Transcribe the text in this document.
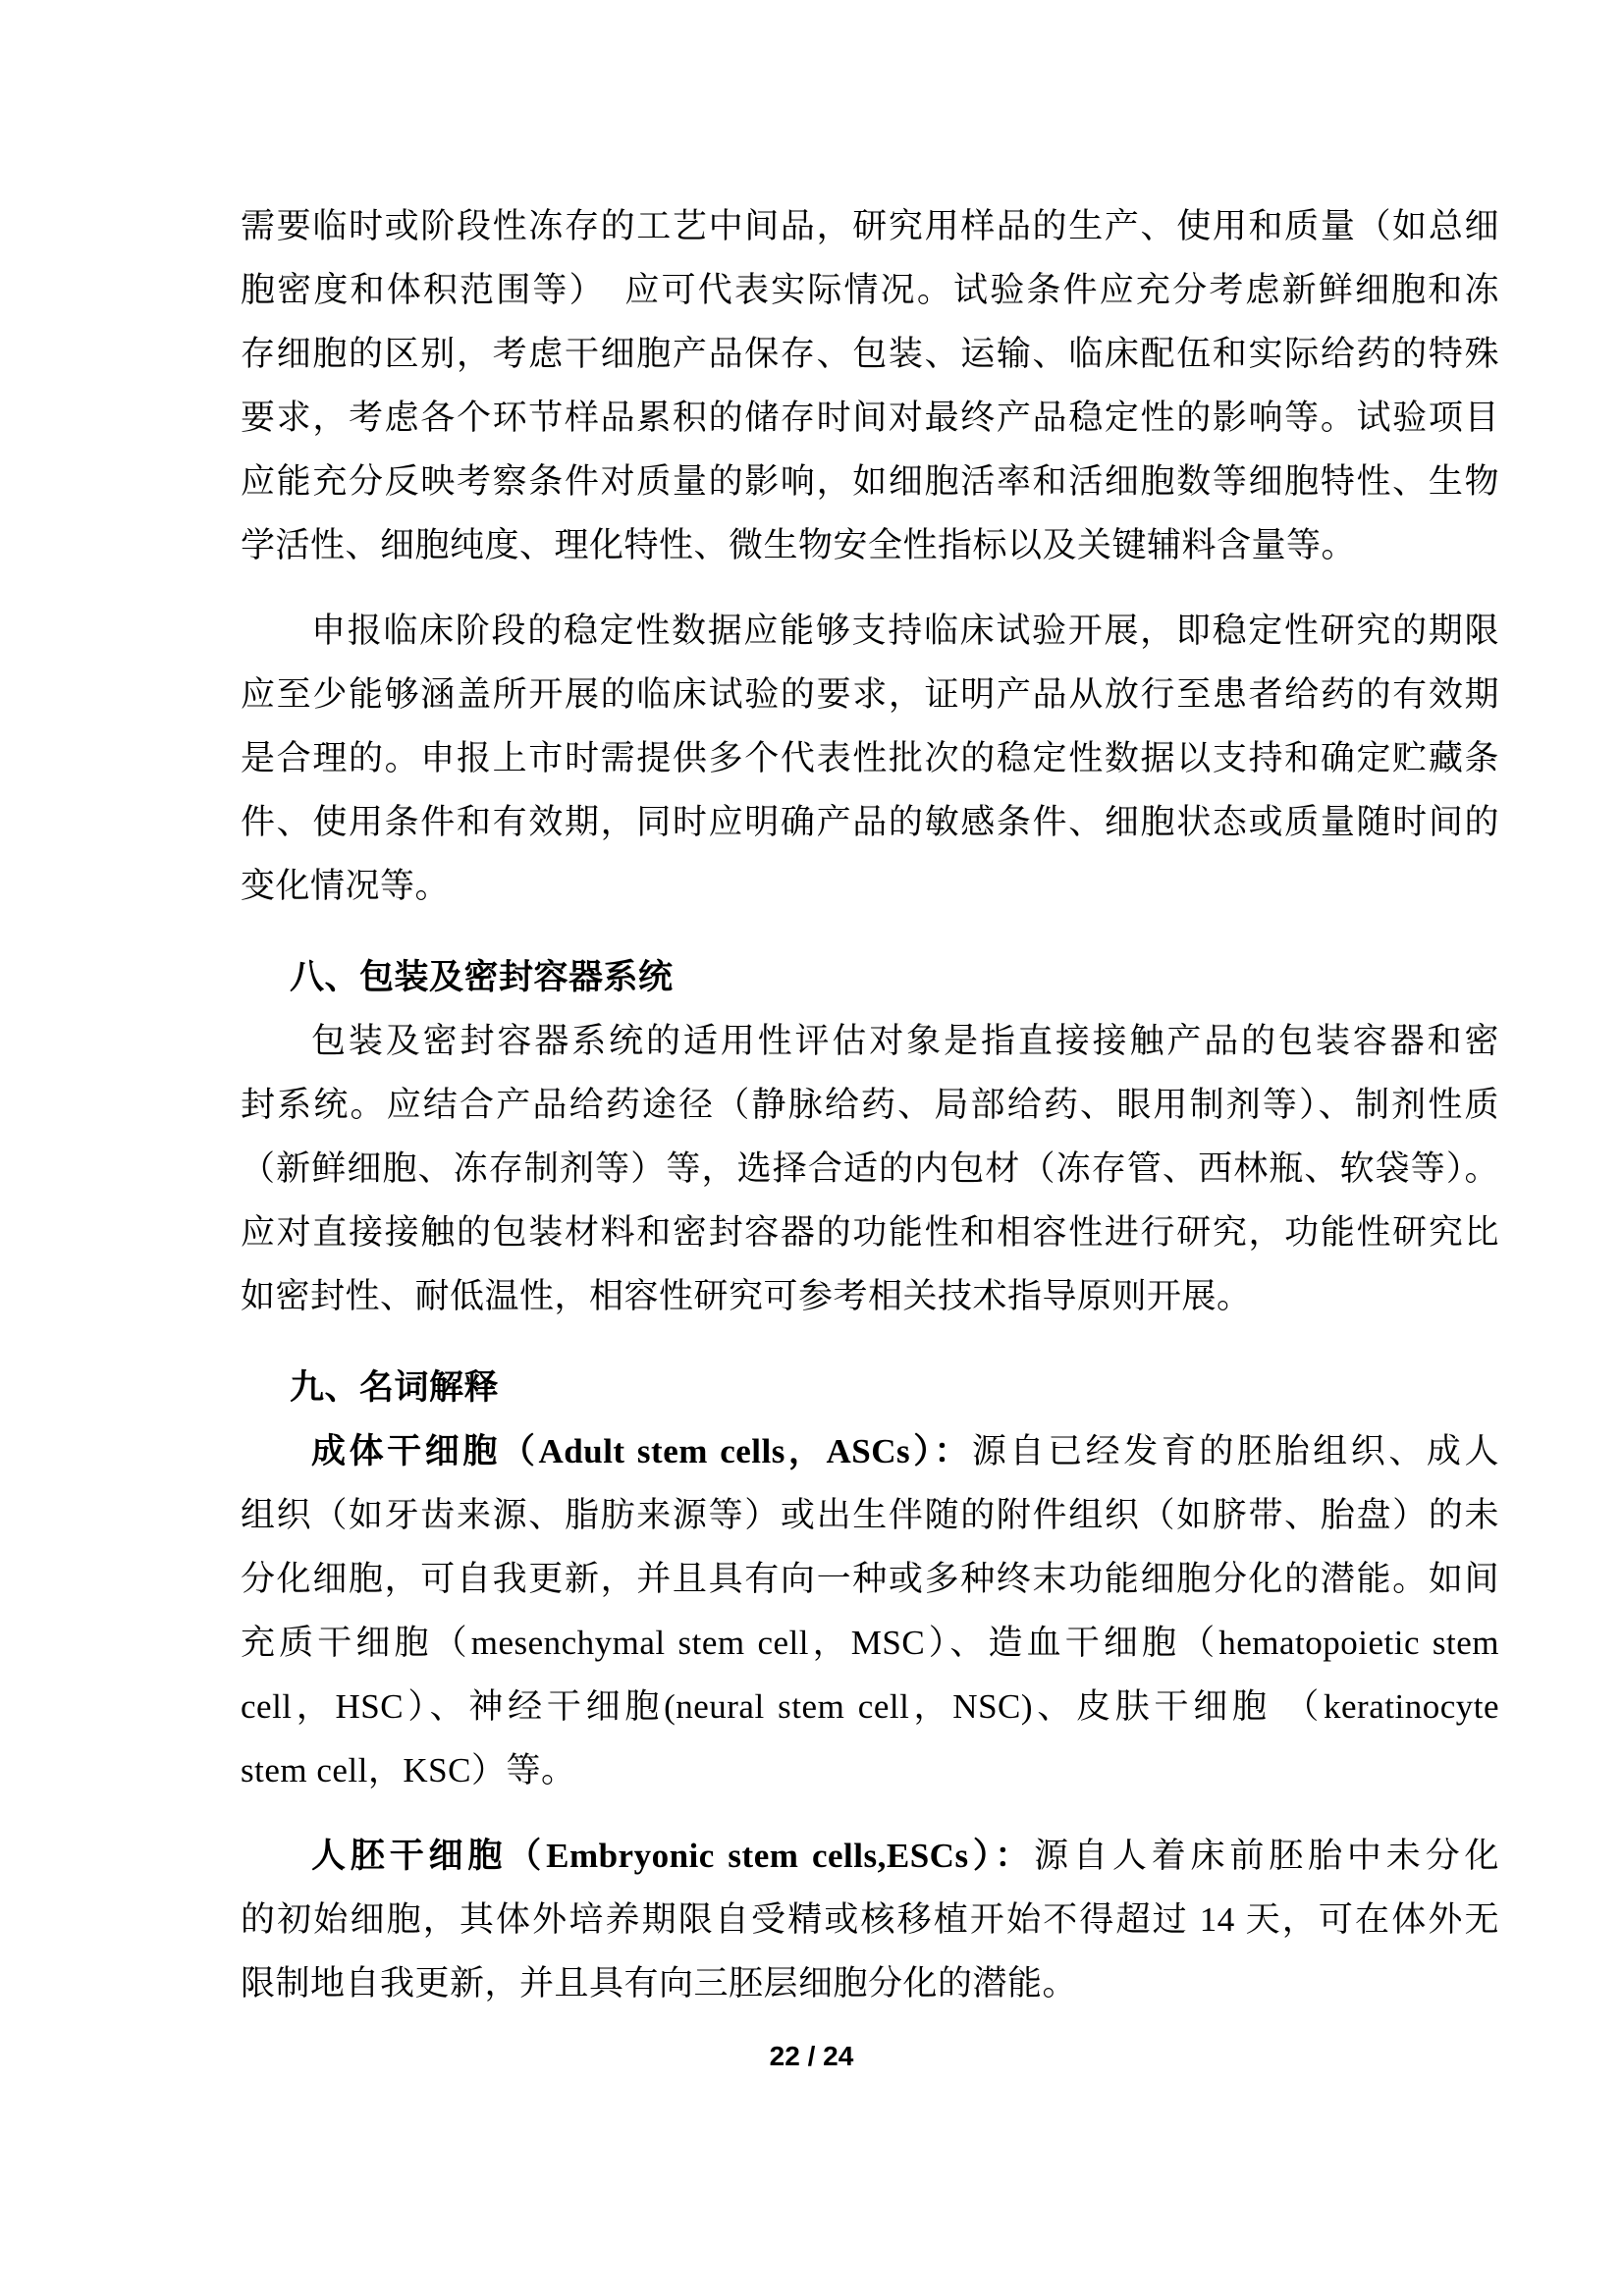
需要临时或阶段性冻存的工艺中间品，研究用样品的生产、使用和质量（如总细
胞密度和体积范围等）　应可代表实际情况。试验条件应充分考虑新鲜细胞和冻
存细胞的区别，考虑干细胞产品保存、包装、运输、临床配伍和实际给药的特殊
要求，考虑各个环节样品累积的储存时间对最终产品稳定性的影响等。试验项目
应能充分反映考察条件对质量的影响，如细胞活率和活细胞数等细胞特性、生物
学活性、细胞纯度、理化特性、微生物安全性指标以及关键辅料含量等。
申报临床阶段的稳定性数据应能够支持临床试验开展，即稳定性研究的期限
应至少能够涵盖所开展的临床试验的要求，证明产品从放行至患者给药的有效期
是合理的。申报上市时需提供多个代表性批次的稳定性数据以支持和确定贮藏条
件、使用条件和有效期，同时应明确产品的敏感条件、细胞状态或质量随时间的
变化情况等。
八、包装及密封容器系统
包装及密封容器系统的适用性评估对象是指直接接触产品的包装容器和密
封系统。应结合产品给药途径（静脉给药、局部给药、眼用制剂等）、制剂性质
（新鲜细胞、冻存制剂等）等，选择合适的内包材（冻存管、西林瓶、软袋等）。
应对直接接触的包装材料和密封容器的功能性和相容性进行研究，功能性研究比
如密封性、耐低温性，相容性研究可参考相关技术指导原则开展。
九、名词解释
成体干细胞（Adult stem cells，ASCs）：源自已经发育的胚胎组织、成人
组织（如牙齿来源、脂肪来源等）或出生伴随的附件组织（如脐带、胎盘）的未
分化细胞，可自我更新，并且具有向一种或多种终末功能细胞分化的潜能。如间
充质干细胞（mesenchymal stem cell，MSC）、造血干细胞（hematopoietic stem
cell，HSC）、神经干细胞(neural stem cell，NSC)、皮肤干细胞 （keratinocyte
stem cell，KSC）等。
人胚干细胞（Embryonic stem cells,ESCs）：源自人着床前胚胎中未分化
的初始细胞，其体外培养期限自受精或核移植开始不得超过 14 天，可在体外无
限制地自我更新，并且具有向三胚层细胞分化的潜能。
22 / 24
